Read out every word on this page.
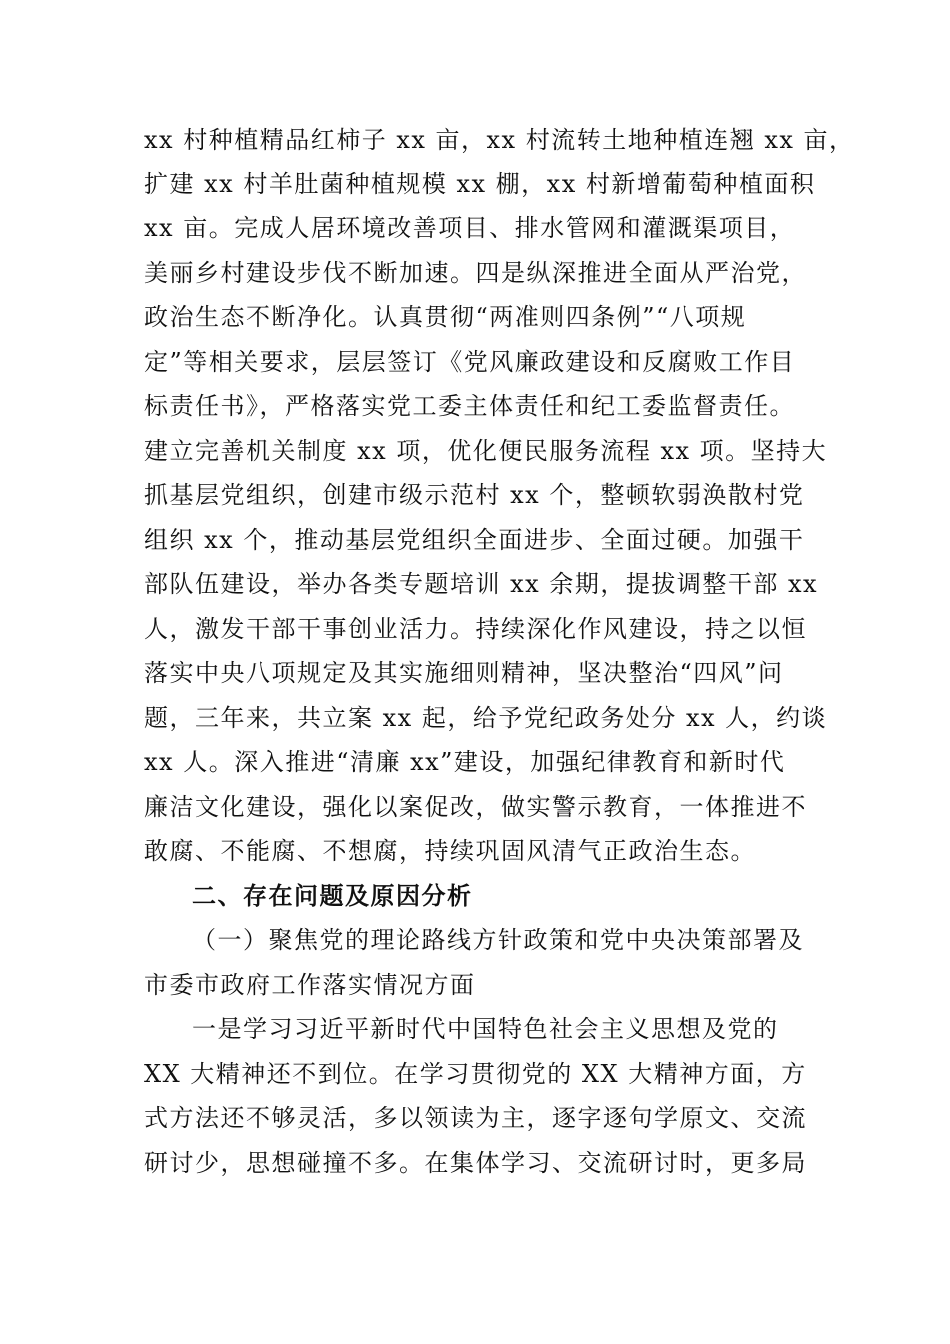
xx 村种植精品红柿子 xx 亩，xx 村流转土地种植连翘 xx 亩，
扩建 xx 村羊肚菌种植规模 xx 棚，xx 村新增葡萄种植面积
xx 亩。完成人居环境改善项目、排水管网和灌溉渠项目，
美丽乡村建设步伐不断加速。四是纵深推进全面从严治党，
政治生态不断净化。认真贯彻“两准则四条例”“八项规
定”等相关要求，层层签订《党风廉政建设和反腐败工作目
标责任书》，严格落实党工委主体责任和纪工委监督责任。
建立完善机关制度 xx 项，优化便民服务流程 xx 项。坚持大
抓基层党组织，创建市级示范村 xx 个，整顿软弱涣散村党
组织 xx 个，推动基层党组织全面进步、全面过硬。加强干
部队伍建设，举办各类专题培训 xx 余期，提拔调整干部 xx
人，激发干部干事创业活力。持续深化作风建设，持之以恒
落实中央八项规定及其实施细则精神，坚决整治“四风”问
题，三年来，共立案 xx 起，给予党纪政务处分 xx 人，约谈
xx 人。深入推进“清廉 xx”建设，加强纪律教育和新时代
廉洁文化建设，强化以案促改，做实警示教育，一体推进不
敢腐、不能腐、不想腐，持续巩固风清气正政治生态。
二、存在问题及原因分析
（一）聚焦党的理论路线方针政策和党中央决策部署及
市委市政府工作落实情况方面
一是学习习近平新时代中国特色社会主义思想及党的
XX 大精神还不到位。在学习贯彻党的 XX 大精神方面，方
式方法还不够灵活，多以领读为主，逐字逐句学原文、交流
研讨少，思想碰撞不多。在集体学习、交流研讨时，更多局
